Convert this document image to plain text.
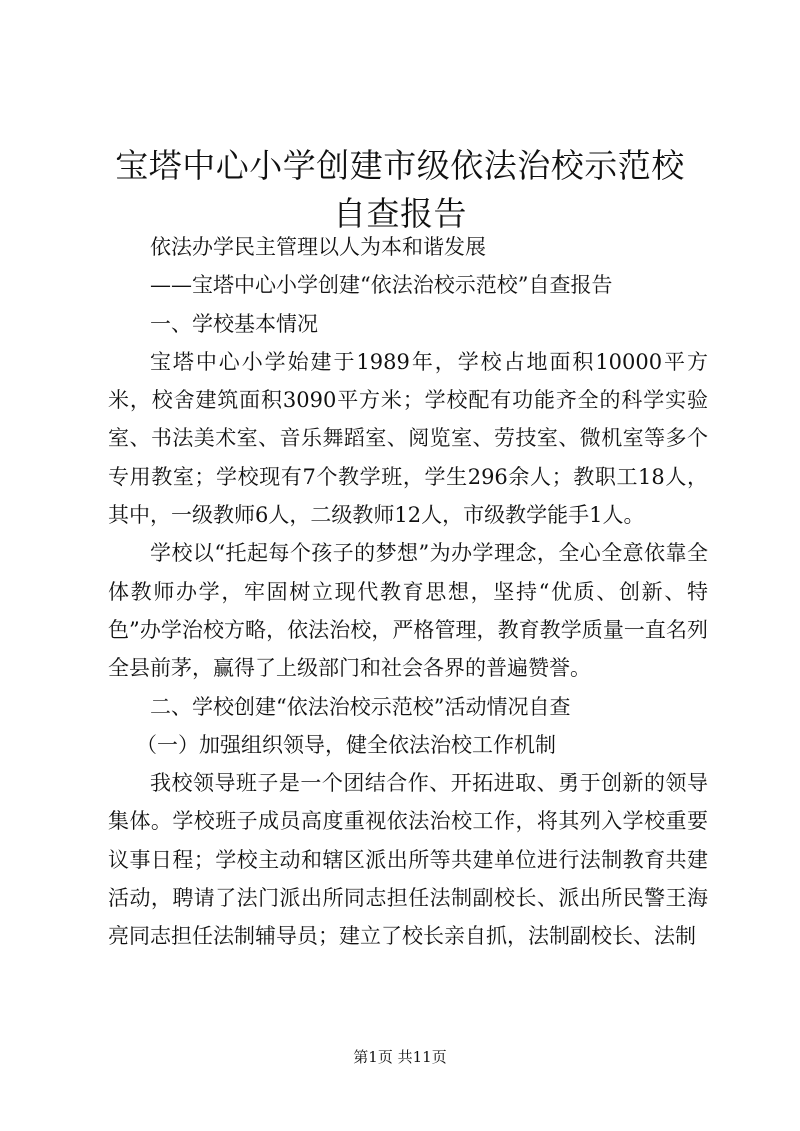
宝塔中心小学创建市级依法治校示范校自查报告

依法办学民主管理以人为本和谐发展

——宝塔中心小学创建“依法治校示范校”自查报告

一、学校基本情况

宝塔中心小学始建于1989年，学校占地面积10000平方米，校舍建筑面积3090平方米；学校配有功能齐全的科学实验室、书法美术室、音乐舞蹈室、阅览室、劳技室、微机室等多个专用教室；学校现有7个教学班，学生296余人；教职工18人，其中，一级教师6人，二级教师12人，市级教学能手1人。

学校以“托起每个孩子的梦想”为办学理念，全心全意依靠全体教师办学，牢固树立现代教育思想，坚持“优质、创新、特色”办学治校方略，依法治校，严格管理，教育教学质量一直名列全县前茅，赢得了上级部门和社会各界的普遍赞誉。

二、学校创建“依法治校示范校”活动情况自查

（一）加强组织领导，健全依法治校工作机制

我校领导班子是一个团结合作、开拓进取、勇于创新的领导集体。学校班子成员高度重视依法治校工作，将其列入学校重要议事日程；学校主动和辖区派出所等共建单位进行法制教育共建活动，聘请了法门派出所同志担任法制副校长、派出所民警王海亮同志担任法制辅导员；建立了校长亲自抓，法制副校长、法制

第1页 共11页
